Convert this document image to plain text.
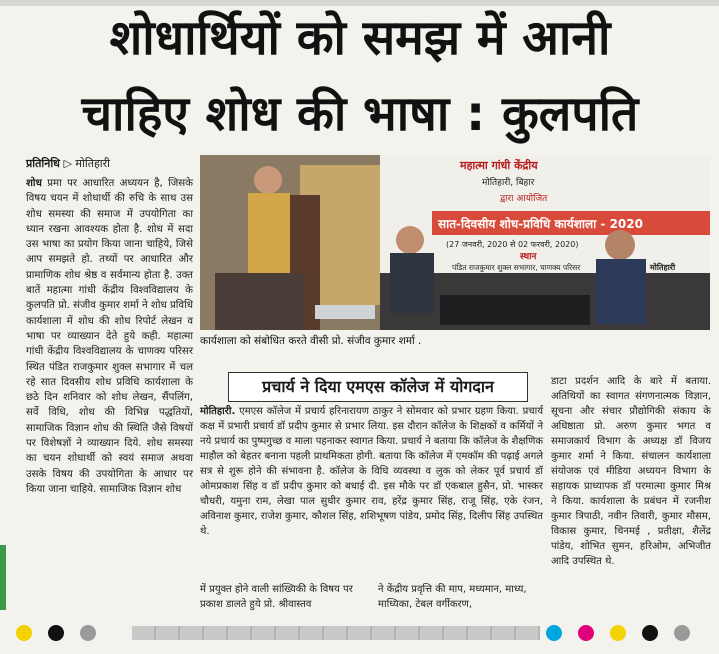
शोधार्थियों को समझ में आनी
चाहिए शोध की भाषा : कुलपति
प्रतिनिधि ▷ मोतिहारी
शोध प्रमा पर आधारित अध्ययन है, जिसके विषय चयन में शोधार्थी की रुचि के साथ उस शोध समस्या की समाज में उपयोगिता का ध्यान रखना आवश्यक होता है. शोध में सदा उस भाषा का प्रयोग किया जाना चाहिये, जिसे आप समझते हो. तथ्यों पर आधारित और प्रामाणिक शोध श्रेष्ठ व सर्वमान्य होता है. उक्त बातें महात्मा गांधी केंद्रीय विश्वविद्यालय के कुलपति प्रो. संजीव कुमार शर्मा ने शोध प्रविधि कार्यशाला में शोध की शोध रिपोर्ट लेखन व भाषा पर व्याख्यान देते हुये कही. महात्मा गांधी केंद्रीय विश्वविद्यालय के चाणक्य परिसर स्थित पंडित राजकुमार शुक्ल सभागार में चल रहे सात दिवसीय शोध प्रविधि कार्यशाला के छठे दिन शनिवार को शोध लेखन, सैंपलिंग, सर्वे विधि, शोध की विभिन्न पद्धतियों, सामाजिक विज्ञान शोध की स्थिति जैसे विषयों पर विशेषज्ञों ने व्याख्यान दिये. शोध समस्या का चयन शोधार्थी को स्वयं समाज अथवा उसके विषय की उपयोगिता के आधार पर किया जाना चाहिये. सामाजिक विज्ञान शोध
महात्मा गांधी केंद्रीय
मोतिहारी, बिहार
द्वारा आयोजित
सात-दिवसीय शोध-प्रविधि कार्यशाला - 2020
(27 जनवरी, 2020 से 02 फरवरी, 2020)
स्थान
पंडित राजकुमार शुक्ल सभागार, चाणक्य परिसर	मोतिहारी
कार्यशाला को संबोधित करते वीसी प्रो. संजीव कुमार शर्मा .
प्रचार्य ने दिया एमएस कॉलेज में योगदान
मोतिहारी. एमएस कॉलेज में प्रचार्य हरिनारायण ठाकुर ने सोमवार को प्रभार ग्रहण किया. प्रचार्य कक्ष में प्रभारी प्रचार्य डॉ प्रदीप कुमार से प्रभार लिया. इस दौरान कॉलेज के शिक्षकों व कर्मियों ने नये प्रचार्य का पुष्पगुच्छ व माला पहनाकर स्वागत किया. प्रचार्य ने बताया कि कॉलेज के शैक्षणिक माहौल को बेहतर बनाना पहली प्राथमिकता होगी. बताया कि कॉलेज में एमकॉम की पढ़ाई अगले सत्र से शुरू होने की संभावना है. कॉलेज के विधि व्यवस्था व लुक को लेकर पूर्व प्रचार्य डॉ ओमप्रकाश सिंह व डॉ प्रदीप कुमार को बधाई दी. इस मौके पर डॉ एकबाल हुसैन, प्रो. भास्कर चौधरी, यमुना राम, लेखा पाल सुधीर कुमार राव, हरेंद्र कुमार सिंह, राजू सिंह, एके रंजन, अविनाश कुमार, राजेश कुमार, कौशल सिंह, शशिभूषण पांडेय, प्रमोद सिंह, दिलीप सिंह उपस्थित थे.
में प्रयुक्त होने वाली सांख्यिकी के विषय पर प्रकाश डालते हुये प्रो. श्रीवास्तव
ने केंद्रीय प्रवृत्ति की माप, मध्यमान, माध्य, माध्यिका, टेबल वर्गीकरण,
डाटा प्रदर्शन आदि के बारे में बताया. अतिथियों का स्वागत संगणनात्मक विज्ञान, सूचना और संचार प्रौद्योगिकी संकाय के अधिष्ठाता प्रो. अरुण कुमार भगत व समाजकार्य विभाग के अध्यक्ष डॉ विजय कुमार शर्मा ने किया. संचालन कार्यशाला संयोजक एवं मीडिया अध्ययन विभाग के सहायक प्राध्यापक डॉ परमात्मा कुमार मिश्र ने किया. कार्यशाला के प्रबंधन में रजनीश कुमार त्रिपाठी, नवीन तिवारी, कुमार मौसम, विकास कुमार, चिनमई , प्रतीक्षा, शैलेंद्र पांडेय, शोभित सुमन, हरिओम, अभिजीत आदि उपस्थित थे.
